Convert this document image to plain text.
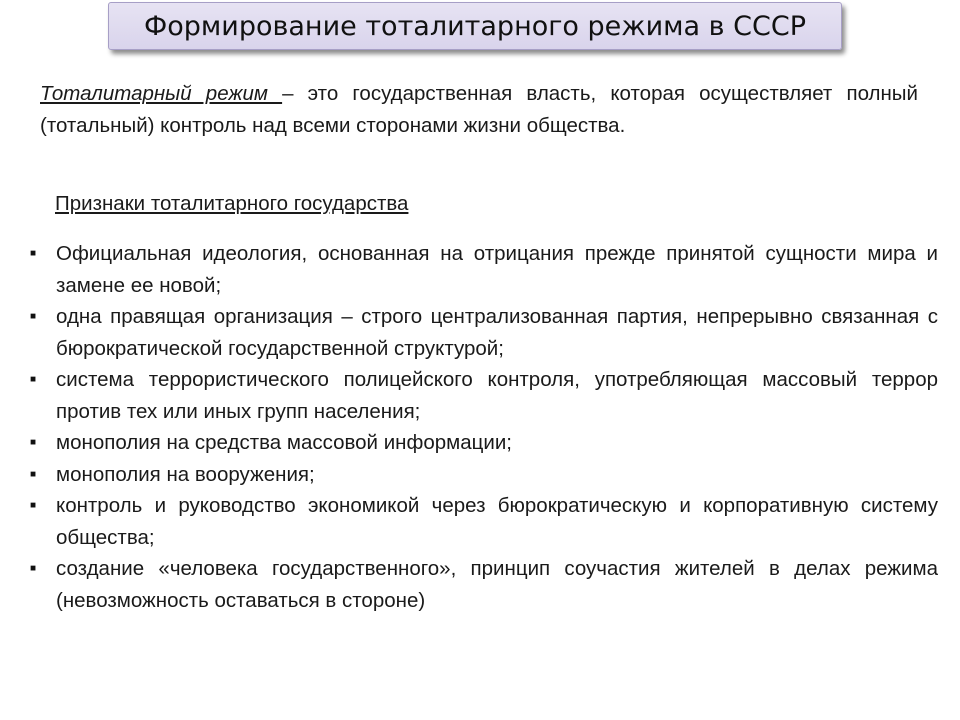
Формирование тоталитарного режима в СССР

Тоталитарный режим – это государственная власть, которая осуществляет полный (тотальный) контроль над всеми сторонами жизни общества.

Признаки тоталитарного государства

■ Официальная идеология, основанная на отрицания прежде принятой сущности мира и замене ее новой;
■ одна правящая организация – строго централизованная партия, непрерывно связанная с бюрократической государственной структурой;
■ система террористического полицейского контроля, употребляющая массовый террор против тех или иных групп населения;
■ монополия на средства массовой информации;
■ монополия на вооружения;
■ контроль и руководство экономикой через бюрократическую и корпоративную систему общества;
■ создание «человека государственного», принцип соучастия жителей в делах режима (невозможность оставаться в стороне)
